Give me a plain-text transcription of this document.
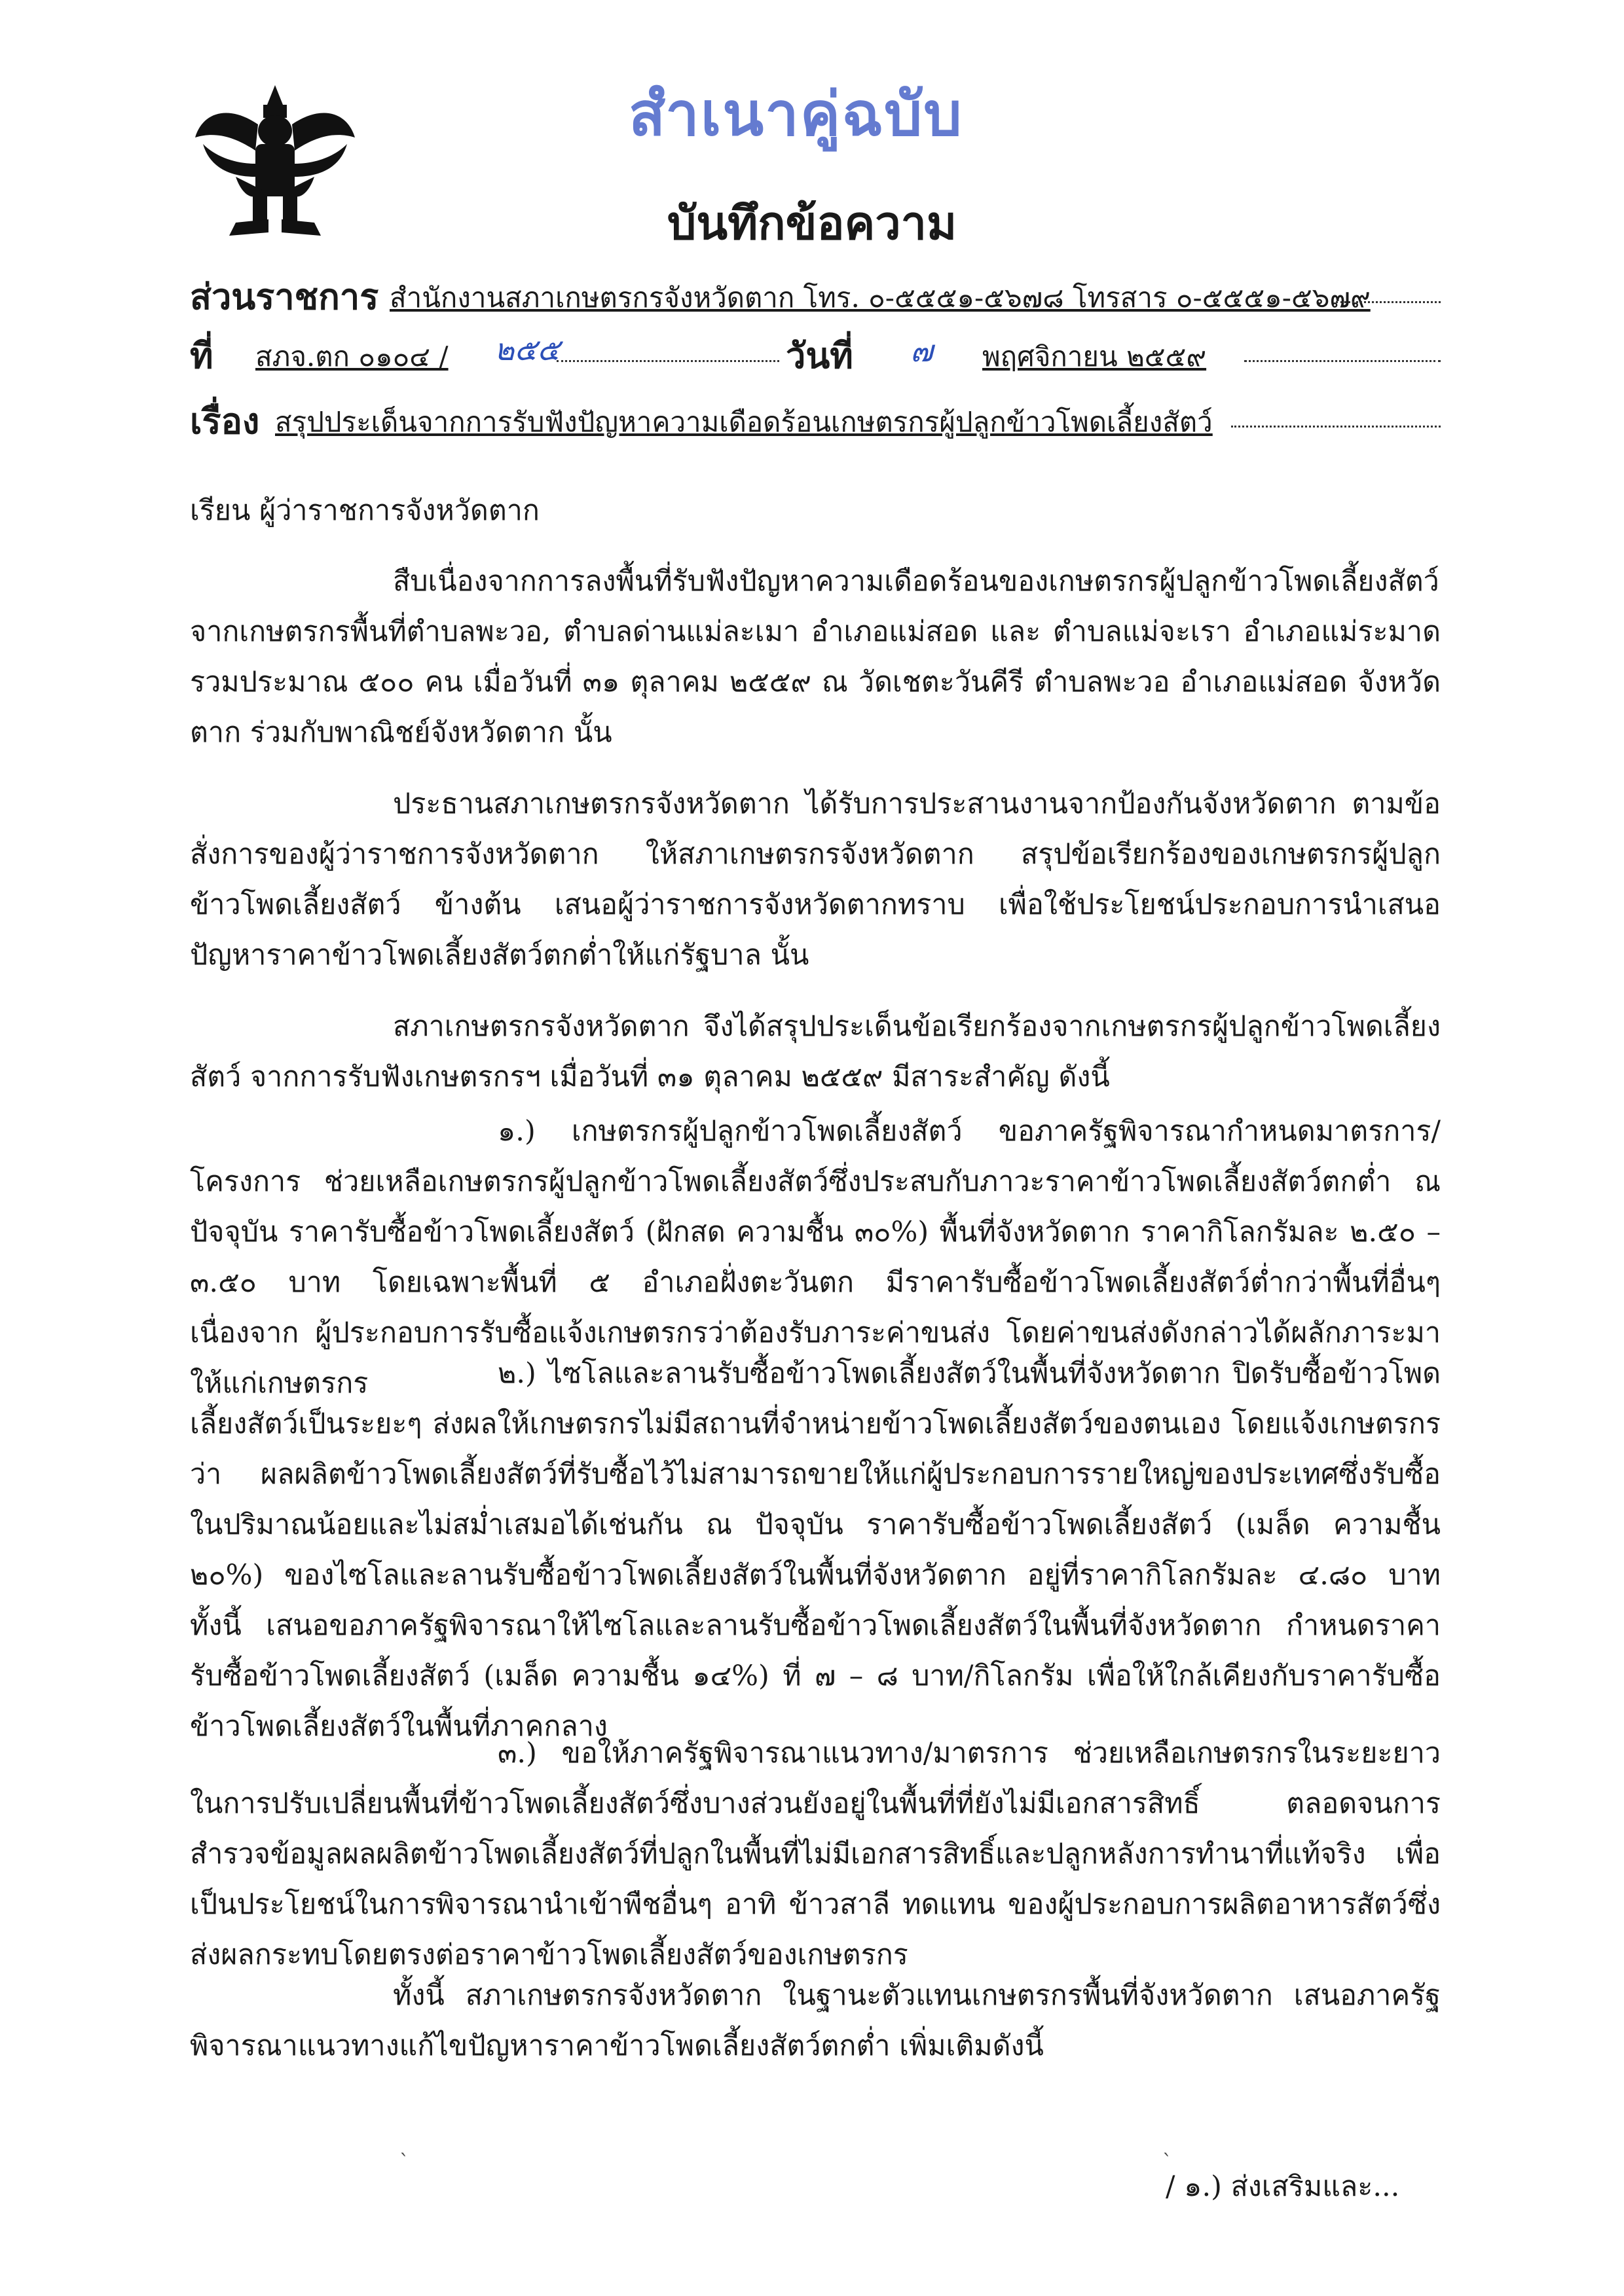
สำเนาคู่ฉบับ
บันทึกข้อความ
ส่วนราชการ สำนักงานสภาเกษตรกรจังหวัดตาก โทร. ๐-๕๕๕๑-๕๖๗๘ โทรสาร ๐-๕๕๕๑-๕๖๗๙
ที่ สภจ.ตก ๐๑๐๔ / ๒๕๕	วันที่ ๗ พฤศจิกายน ๒๕๕๙
เรื่อง สรุปประเด็นจากการรับฟังปัญหาความเดือดร้อนเกษตรกรผู้ปลูกข้าวโพดเลี้ยงสัตว์
เรียน ผู้ว่าราชการจังหวัดตาก
สืบเนื่องจากการลงพื้นที่รับฟังปัญหาความเดือดร้อนของเกษตรกรผู้ปลูกข้าวโพดเลี้ยงสัตว์ จากเกษตรกรพื้นที่ตำบลพะวอ, ตำบลด่านแม่ละเมา อำเภอแม่สอด และ ตำบลแม่จะเรา อำเภอแม่ระมาด รวมประมาณ ๕๐๐ คน เมื่อวันที่ ๓๑ ตุลาคม ๒๕๕๙ ณ วัดเชตะวันคีรี ตำบลพะวอ อำเภอแม่สอด จังหวัดตาก ร่วมกับพาณิชย์จังหวัดตาก นั้น
ประธานสภาเกษตรกรจังหวัดตาก ได้รับการประสานงานจากป้องกันจังหวัดตาก ตามข้อสั่งการของผู้ว่าราชการจังหวัดตาก ให้สภาเกษตรกรจังหวัดตาก สรุปข้อเรียกร้องของเกษตรกรผู้ปลูกข้าวโพดเลี้ยงสัตว์ ข้างต้น เสนอผู้ว่าราชการจังหวัดตากทราบ เพื่อใช้ประโยชน์ประกอบการนำเสนอปัญหาราคาข้าวโพดเลี้ยงสัตว์ตกต่ำให้แก่รัฐบาล นั้น
สภาเกษตรกรจังหวัดตาก จึงได้สรุปประเด็นข้อเรียกร้องจากเกษตรกรผู้ปลูกข้าวโพดเลี้ยงสัตว์ จากการรับฟังเกษตรกรฯ เมื่อวันที่ ๓๑ ตุลาคม ๒๕๕๙ มีสาระสำคัญ ดังนี้
๑.) เกษตรกรผู้ปลูกข้าวโพดเลี้ยงสัตว์ ขอภาครัฐพิจารณากำหนดมาตรการ/โครงการ ช่วยเหลือเกษตรกรผู้ปลูกข้าวโพดเลี้ยงสัตว์ซึ่งประสบกับภาวะราคาข้าวโพดเลี้ยงสัตว์ตกต่ำ ณ ปัจจุบัน ราคารับซื้อข้าวโพดเลี้ยงสัตว์ (ฝักสด ความชื้น ๓๐%) พื้นที่จังหวัดตาก ราคากิโลกรัมละ ๒.๕๐ – ๓.๕๐ บาท โดยเฉพาะพื้นที่ ๕ อำเภอฝั่งตะวันตก มีราคารับซื้อข้าวโพดเลี้ยงสัตว์ต่ำกว่าพื้นที่อื่นๆ เนื่องจาก ผู้ประกอบการรับซื้อแจ้งเกษตรกรว่าต้องรับภาระค่าขนส่ง โดยค่าขนส่งดังกล่าวได้ผลักภาระมาให้แก่เกษตรกร	๒.) ไซโลและลานรับซื้อข้าวโพดเลี้ยงสัตว์ในพื้นที่จังหวัดตาก ปิดรับซื้อข้าวโพดเลี้ยงสัตว์เป็นระยะๆ ส่งผลให้เกษตรกรไม่มีสถานที่จำหน่ายข้าวโพดเลี้ยงสัตว์ของตนเอง โดยแจ้งเกษตรกรว่า ผลผลิตข้าวโพดเลี้ยงสัตว์ที่รับซื้อไว้ไม่สามารถขายให้แก่ผู้ประกอบการรายใหญ่ของประเทศซึ่งรับซื้อในปริมาณน้อยและไม่สม่ำเสมอได้เช่นกัน ณ ปัจจุบัน ราคารับซื้อข้าวโพดเลี้ยงสัตว์ (เมล็ด ความชื้น ๒๐%) ของไซโลและลานรับซื้อข้าวโพดเลี้ยงสัตว์ในพื้นที่จังหวัดตาก อยู่ที่ราคากิโลกรัมละ ๔.๘๐ บาท ทั้งนี้ เสนอขอภาครัฐพิจารณาให้ไซโลและลานรับซื้อข้าวโพดเลี้ยงสัตว์ในพื้นที่จังหวัดตาก กำหนดราคารับซื้อข้าวโพดเลี้ยงสัตว์ (เมล็ด ความชื้น ๑๔%) ที่ ๗ – ๘ บาท/กิโลกรัม เพื่อให้ใกล้เคียงกับราคารับซื้อข้าวโพดเลี้ยงสัตว์ในพื้นที่ภาคกลาง
๓.) ขอให้ภาครัฐพิจารณาแนวทาง/มาตรการ ช่วยเหลือเกษตรกรในระยะยาว ในการปรับเปลี่ยนพื้นที่ข้าวโพดเลี้ยงสัตว์ซึ่งบางส่วนยังอยู่ในพื้นที่ที่ยังไม่มีเอกสารสิทธิ์ ตลอดจนการสำรวจข้อมูลผลผลิตข้าวโพดเลี้ยงสัตว์ที่ปลูกในพื้นที่ไม่มีเอกสารสิทธิ์และปลูกหลังการทำนาที่แท้จริง เพื่อเป็นประโยชน์ในการพิจารณานำเข้าพืชอื่นๆ อาทิ ข้าวสาลี ทดแทน ของผู้ประกอบการผลิตอาหารสัตว์ซึ่งส่งผลกระทบโดยตรงต่อราคาข้าวโพดเลี้ยงสัตว์ของเกษตรกร
ทั้งนี้ สภาเกษตรกรจังหวัดตาก ในฐานะตัวแทนเกษตรกรพื้นที่จังหวัดตาก เสนอภาครัฐพิจารณาแนวทางแก้ไขปัญหาราคาข้าวโพดเลี้ยงสัตว์ตกต่ำ เพิ่มเติมดังนี้
`	`
/ ๑.) ส่งเสริมและ...
